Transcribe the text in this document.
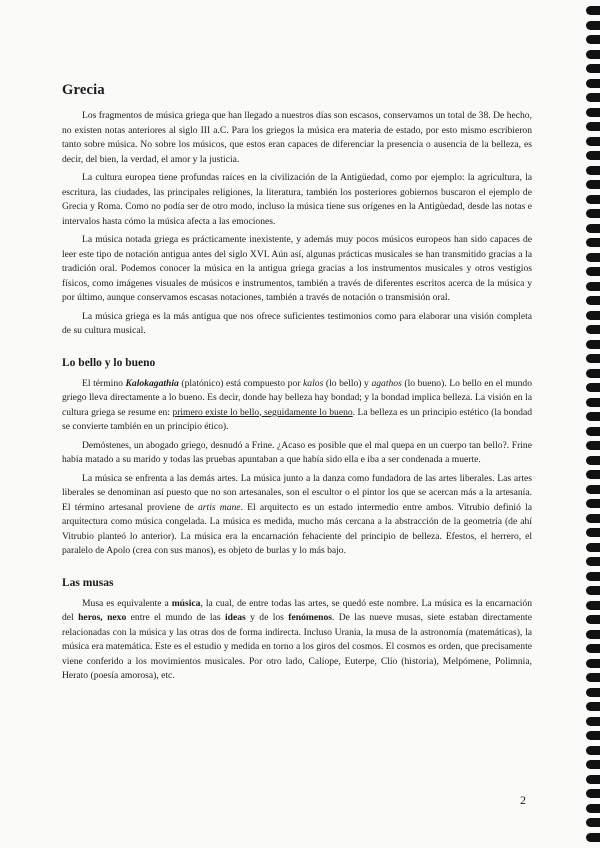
Grecia

Los fragmentos de música griega que han llegado a nuestros días son escasos, conservamos un total de 38. De hecho, no existen notas anteriores al siglo III a.C. Para los griegos la música era materia de estado, por esto mismo escribieron tanto sobre música. No sobre los músicos, que estos eran capaces de diferenciar la presencia o ausencia de la belleza, es decir, del bien, la verdad, el amor y la justicia.

La cultura europea tiene profundas raíces en la civilización de la Antigüedad, como por ejemplo: la agricultura, la escritura, las ciudades, las principales religiones, la literatura, también los posteriores gobiernos buscaron el ejemplo de Grecia y Roma. Como no podía ser de otro modo, incluso la música tiene sus orígenes en la Antigüedad, desde las notas e intervalos hasta cómo la música afecta a las emociones.

La música notada griega es prácticamente inexistente, y además muy pocos músicos europeos han sido capaces de leer este tipo de notación antigua antes del siglo XVI. Aún así, algunas prácticas musicales se han transmitido gracias a la tradición oral. Podemos conocer la música en la antigua griega gracias a los instrumentos musicales y otros vestigios físicos, como imágenes visuales de músicos e instrumentos, también a través de diferentes escritos acerca de la música y por último, aunque conservamos escasas notaciones, también a través de notación o transmisión oral.

La música griega es la más antigua que nos ofrece suficientes testimonios como para elaborar una visión completa de su cultura musical.

Lo bello y lo bueno

El término Kalokagathia (platónico) está compuesto por kalos (lo bello) y agathos (lo bueno). Lo bello en el mundo griego lleva directamente a lo bueno. Es decir, donde hay belleza hay bondad; y la bondad implica belleza. La visión en la cultura griega se resume en: primero existe lo bello, seguidamente lo bueno. La belleza es un principio estético (la bondad se convierte también en un principio ético).

Demóstenes, un abogado griego, desnudó a Frine. ¿Acaso es posible que el mal quepa en un cuerpo tan bello?. Frine había matado a su marido y todas las pruebas apuntaban a que había sido ella e iba a ser condenada a muerte.

La música se enfrenta a las demás artes. La música junto a la danza como fundadora de las artes liberales. Las artes liberales se denominan así puesto que no son artesanales, son el escultor o el pintor los que se acercan más a la artesanía. El término artesanal proviene de artis mane. El arquitecto es un estado intermedio entre ambos. Vitrubio definió la arquitectura como música congelada. La música es medida, mucho más cercana a la abstracción de la geometría (de ahí Vitrubio planteó lo anterior). La música era la encarnación fehaciente del principio de belleza. Efestos, el herrero, el paralelo de Apolo (crea con sus manos), es objeto de burlas y lo más bajo.

Las musas

Musa es equivalente a música, la cual, de entre todas las artes, se quedó este nombre. La música es la encarnación del heros, nexo entre el mundo de las ideas y de los fenómenos. De las nueve musas, siete estaban directamente relacionadas con la música y las otras dos de forma indirecta. Incluso Urania, la musa de la astronomía (matemáticas), la música era matemática. Este es el estudio y medida en torno a los giros del cosmos. El cosmos es orden, que precisamente viene conferido a los movimientos musicales. Por otro lado, Calíope, Euterpe, Clío (historia), Melpómene, Polimnia, Herato (poesía amorosa), etc.

2
